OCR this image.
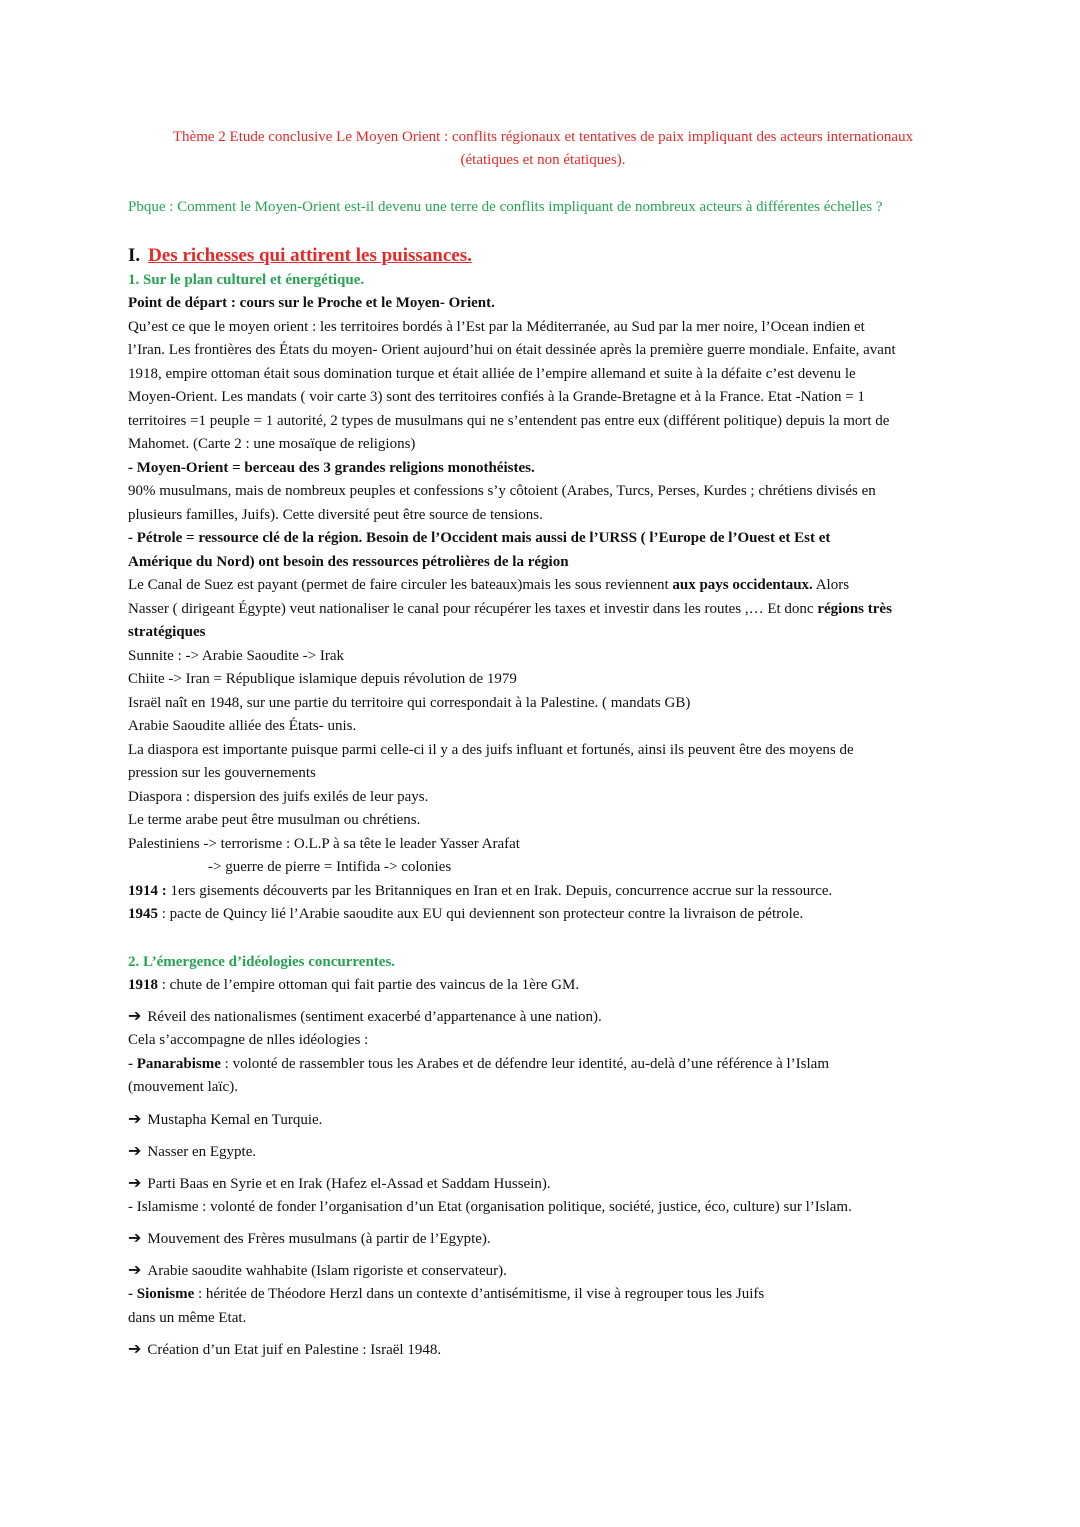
Thème 2 Etude conclusive Le Moyen Orient : conflits régionaux et tentatives de paix impliquant des acteurs internationaux
(étatiques et non étatiques).

Pbque : Comment le Moyen-Orient est-il devenu une terre de conflits impliquant de nombreux acteurs à différentes échelles ?

I. Des richesses qui attirent les puissances.

1. Sur le plan culturel et énergétique.

Point de départ : cours sur le Proche et le Moyen- Orient.

Qu’est ce que le moyen orient : les territoires bordés à l’Est par la Méditerranée, au Sud par la mer noire, l’Ocean indien et

l’Iran. Les frontières des États du moyen- Orient aujourd’hui on était dessinée après la première guerre mondiale. Enfaite, avant

1918, empire ottoman était sous domination turque et était alliée de l’empire allemand et suite à la défaite c’est devenu le

Moyen-Orient. Les mandats ( voir carte 3) sont des territoires confiés à la Grande-Bretagne et à la France. Etat -Nation = 1

territoires =1 peuple = 1 autorité, 2 types de musulmans qui ne s’entendent pas entre eux (différent politique) depuis la mort de

Mahomet. (Carte 2 : une mosaïque de religions)

- Moyen-Orient = berceau des 3 grandes religions monothéistes.

90% musulmans, mais de nombreux peuples et confessions s’y côtoient (Arabes, Turcs, Perses, Kurdes ; chrétiens divisés en

plusieurs familles, Juifs). Cette diversité peut être source de tensions.

- Pétrole = ressource clé de la région. Besoin de l’Occident mais aussi de l’URSS ( l’Europe de l’Ouest et Est et

Amérique du Nord) ont besoin des ressources pétrolières de la région

Le Canal de Suez est payant (permet de faire circuler les bateaux)mais les sous reviennent aux pays occidentaux. Alors

Nasser ( dirigeant Égypte) veut nationaliser le canal pour récupérer les taxes et investir dans les routes ,… Et donc régions très

stratégiques

Sunnite : -> Arabie Saoudite -> Irak

Chiite -> Iran = République islamique depuis révolution de 1979

Israël naît en 1948, sur une partie du territoire qui correspondait à la Palestine. ( mandats GB)

Arabie Saoudite alliée des États- unis.

La diaspora est importante puisque parmi celle-ci il y a des juifs influant et fortunés, ainsi ils peuvent être des moyens de

pression sur les gouvernements

Diaspora : dispersion des juifs exilés de leur pays.

Le terme arabe peut être musulman ou chrétiens.

Palestiniens -> terrorisme : O.L.P à sa tête le leader Yasser Arafat

-> guerre de pierre = Intifida -> colonies

1914 : 1ers gisements découverts par les Britanniques en Iran et en Irak. Depuis, concurrence accrue sur la ressource.

1945 : pacte de Quincy lié l’Arabie saoudite aux EU qui deviennent son protecteur contre la livraison de pétrole.

2. L’émergence d’idéologies concurrentes.

1918 : chute de l’empire ottoman qui fait partie des vaincus de la 1ère GM.

➔ Réveil des nationalismes (sentiment exacerbé d’appartenance à une nation).

Cela s’accompagne de nlles idéologies :

- Panarabisme : volonté de rassembler tous les Arabes et de défendre leur identité, au-delà d’une référence à l’Islam

(mouvement laïc).

➔ Mustapha Kemal en Turquie.

➔ Nasser en Egypte.

➔ Parti Baas en Syrie et en Irak (Hafez el-Assad et Saddam Hussein).

- Islamisme : volonté de fonder l’organisation d’un Etat (organisation politique, société, justice, éco, culture) sur l’Islam.

➔ Mouvement des Frères musulmans (à partir de l’Egypte).

➔ Arabie saoudite wahhabite (Islam rigoriste et conservateur).

- Sionisme : héritée de Théodore Herzl dans un contexte d’antisémitisme, il vise à regrouper tous les Juifs

dans un même Etat.

➔ Création d’un Etat juif en Palestine : Israël 1948.
